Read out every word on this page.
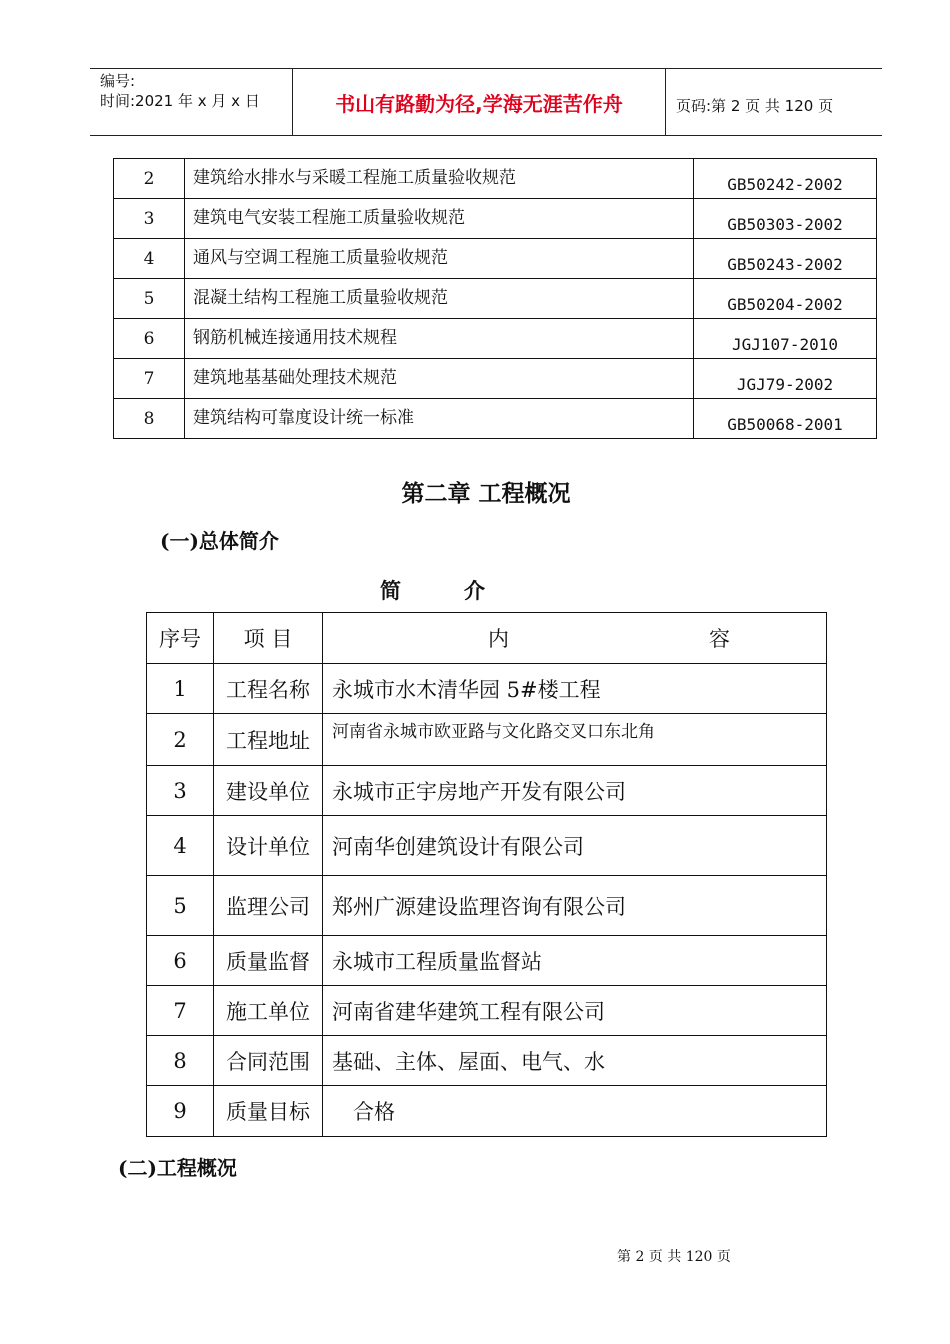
编号:
时间:2021 年 x 月 x 日	书山有路勤为径,学海无涯苦作舟	页码:第 2 页 共 120 页
2	建筑给水排水与采暖工程施工质量验收规范	GB50242-2002
3	建筑电气安装工程施工质量验收规范	GB50303-2002
4	通风与空调工程施工质量验收规范	GB50243-2002
5	混凝土结构工程施工质量验收规范	GB50204-2002
6	钢筋机械连接通用技术规程	JGJ107-2010
7	建筑地基基础处理技术规范	JGJ79-2002
8	建筑结构可靠度设计统一标准	GB50068-2001
第二章 工程概况
(一)总体简介
简　　　介
序号	项 目	内 容
1	工程名称	永城市水木清华园 5#楼工程
2	工程地址	河南省永城市欧亚路与文化路交叉口东北角
3	建设单位	永城市正宇房地产开发有限公司
4	设计单位	河南华创建筑设计有限公司
5	监理公司	郑州广源建设监理咨询有限公司
6	质量监督	永城市工程质量监督站
7	施工单位	河南省建华建筑工程有限公司
8	合同范围	基础、主体、屋面、电气、水
9	质量目标	　合格
(二)工程概况
第 2 页 共 120 页
